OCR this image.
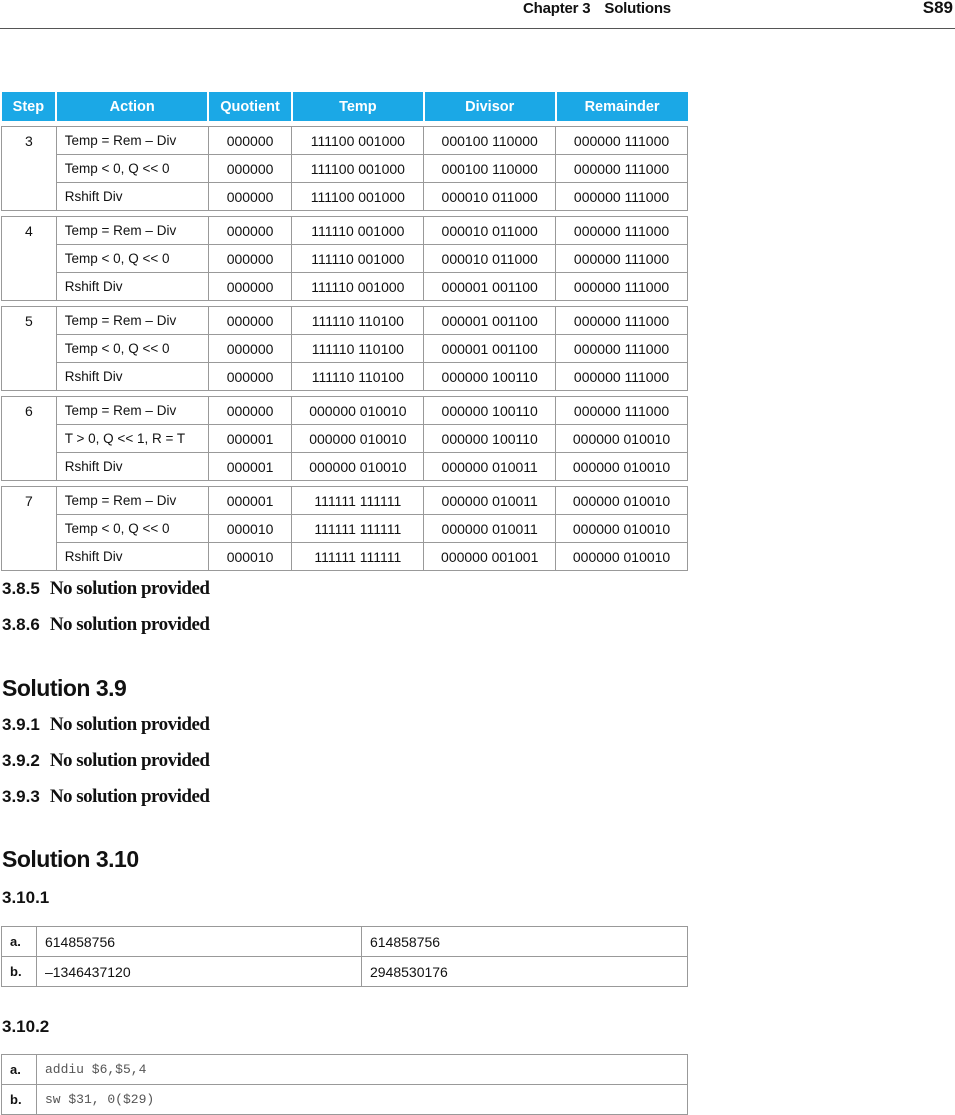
Chapter 3 Solutions	S89
Step	Action	Quotient	Temp	Divisor	Remainder

3	Temp = Rem – Div	000000	111100 001000	000100 110000	000000 111000
	Temp < 0, Q << 0	000000	111100 001000	000100 110000	000000 111000
	Rshift Div	000000	111100 001000	000010 011000	000000 111000

4	Temp = Rem – Div	000000	111110 001000	000010 011000	000000 111000
	Temp < 0, Q << 0	000000	111110 001000	000010 011000	000000 111000
	Rshift Div	000000	111110 001000	000001 001100	000000 111000

5	Temp = Rem – Div	000000	111110 110100	000001 001100	000000 111000
	Temp < 0, Q << 0	000000	111110 110100	000001 001100	000000 111000
	Rshift Div	000000	111110 110100	000000 100110	000000 111000

6	Temp = Rem – Div	000000	000000 010010	000000 100110	000000 111000
	T > 0, Q << 1, R = T	000001	000000 010010	000000 100110	000000 010010
	Rshift Div	000001	000000 010010	000000 010011	000000 010010

7	Temp = Rem – Div	000001	111111 111111	000000 010011	000000 010010
	Temp < 0, Q << 0	000010	111111 111111	000000 010011	000000 010010
	Rshift Div	000010	111111 111111	000000 001001	000000 010010
3.8.5 No solution provided
3.8.6 No solution provided
Solution 3.9
3.9.1 No solution provided
3.9.2 No solution provided
3.9.3 No solution provided
Solution 3.10
3.10.1
a.	614858756	614858756
b.	–1346437120	2948530176
3.10.2
a.	addiu $6,$5,4
b.	sw $31, 0($29)
